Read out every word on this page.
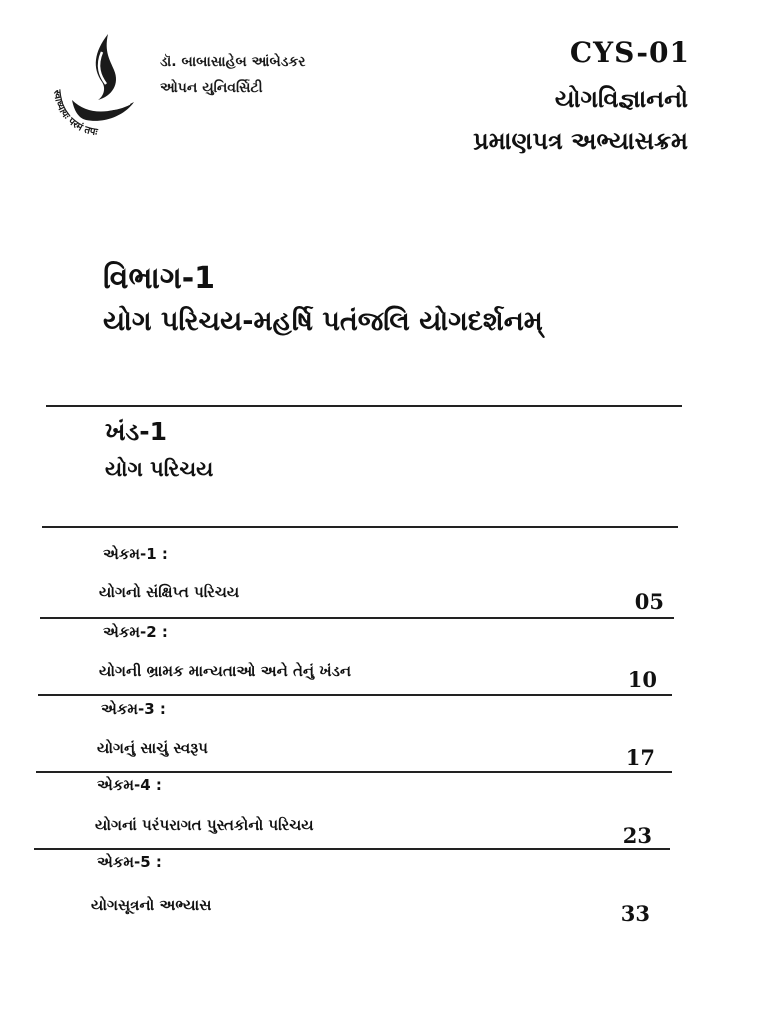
स्वाध्यायः परमं तपः
ડૉ. બાબાસાહેબ આંબેડકર
ઓપન યુનિવર્સિટી
CYS-01
યોગવિજ્ઞાનનો
પ્રમાણપત્ર અભ્યાસક્રમ
વિભાગ-1
યોગ પરિચય-મહર્ષિ પતંજલિ યોગદર્શનમ્
ખંડ-1
યોગ પરિચય
એકમ-1 :
યોગનો સંક્ષિપ્ત પરિચય	05
એકમ-2 :
યોગની ભ્રામક માન્યતાઓ અને તેનું ખંડન	10
એકમ-3 :
યોગનું સાચું સ્વરૂપ	17
એકમ-4 :
યોગનાં પરંપરાગત પુસ્તકોનો પરિચય	23
એકમ-5 :
યોગસૂત્રનો અભ્યાસ	33
